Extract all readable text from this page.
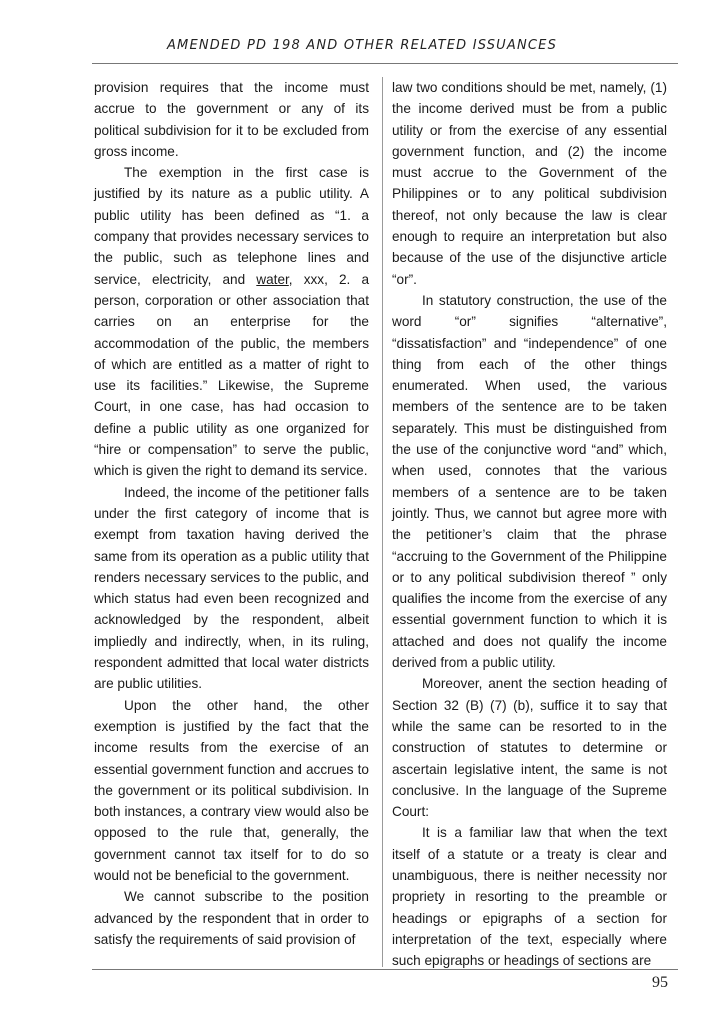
AMENDED PD 198 AND OTHER RELATED ISSUANCES

provision requires that the income must accrue to the government or any of its political subdivision for it to be excluded from gross income.

The exemption in the first case is justified by its nature as a public utility. A public utility has been defined as “1. a company that provides necessary services to the public, such as telephone lines and service, electricity, and water, xxx, 2. a person, corporation or other association that carries on an enterprise for the accommodation of the public, the members of which are entitled as a matter of right to use its facilities.” Likewise, the Supreme Court, in one case, has had occasion to define a public utility as one organized for “hire or compensation” to serve the public, which is given the right to demand its service.

Indeed, the income of the petitioner falls under the first category of income that is exempt from taxation having derived the same from its operation as a public utility that renders necessary services to the public, and which status had even been recognized and acknowledged by the respondent, albeit impliedly and indirectly, when, in its ruling, respondent admitted that local water districts are public utilities.

Upon the other hand, the other exemption is justified by the fact that the income results from the exercise of an essential government function and accrues to the government or its political subdivision. In both instances, a contrary view would also be opposed to the rule that, generally, the government cannot tax itself for to do so would not be beneficial to the government.

We cannot subscribe to the position advanced by the respondent that in order to satisfy the requirements of said provision of

law two conditions should be met, namely, (1) the income derived must be from a public utility or from the exercise of any essential government function, and (2) the income must accrue to the Government of the Philippines or to any political subdivision thereof, not only because the law is clear enough to require an interpretation but also because of the use of the disjunctive article “or”.

In statutory construction, the use of the word “or” signifies “alternative”, “dissatisfaction” and “independence” of one thing from each of the other things enumerated. When used, the various members of the sentence are to be taken separately. This must be distinguished from the use of the conjunctive word “and” which, when used, connotes that the various members of a sentence are to be taken jointly. Thus, we cannot but agree more with the petitioner’s claim that the phrase “accruing to the Government of the Philippine or to any political subdivision thereof ” only qualifies the income from the exercise of any essential government function to which it is attached and does not qualify the income derived from a public utility.

Moreover, anent the section heading of Section 32 (B) (7) (b), suffice it to say that while the same can be resorted to in the construction of statutes to determine or ascertain legislative intent, the same is not conclusive. In the language of the Supreme Court:

It is a familiar law that when the text itself of a statute or a treaty is clear and unambiguous, there is neither necessity nor propriety in resorting to the preamble or headings or epigraphs of a section for interpretation of the text, especially where such epigraphs or headings of sections are

95
